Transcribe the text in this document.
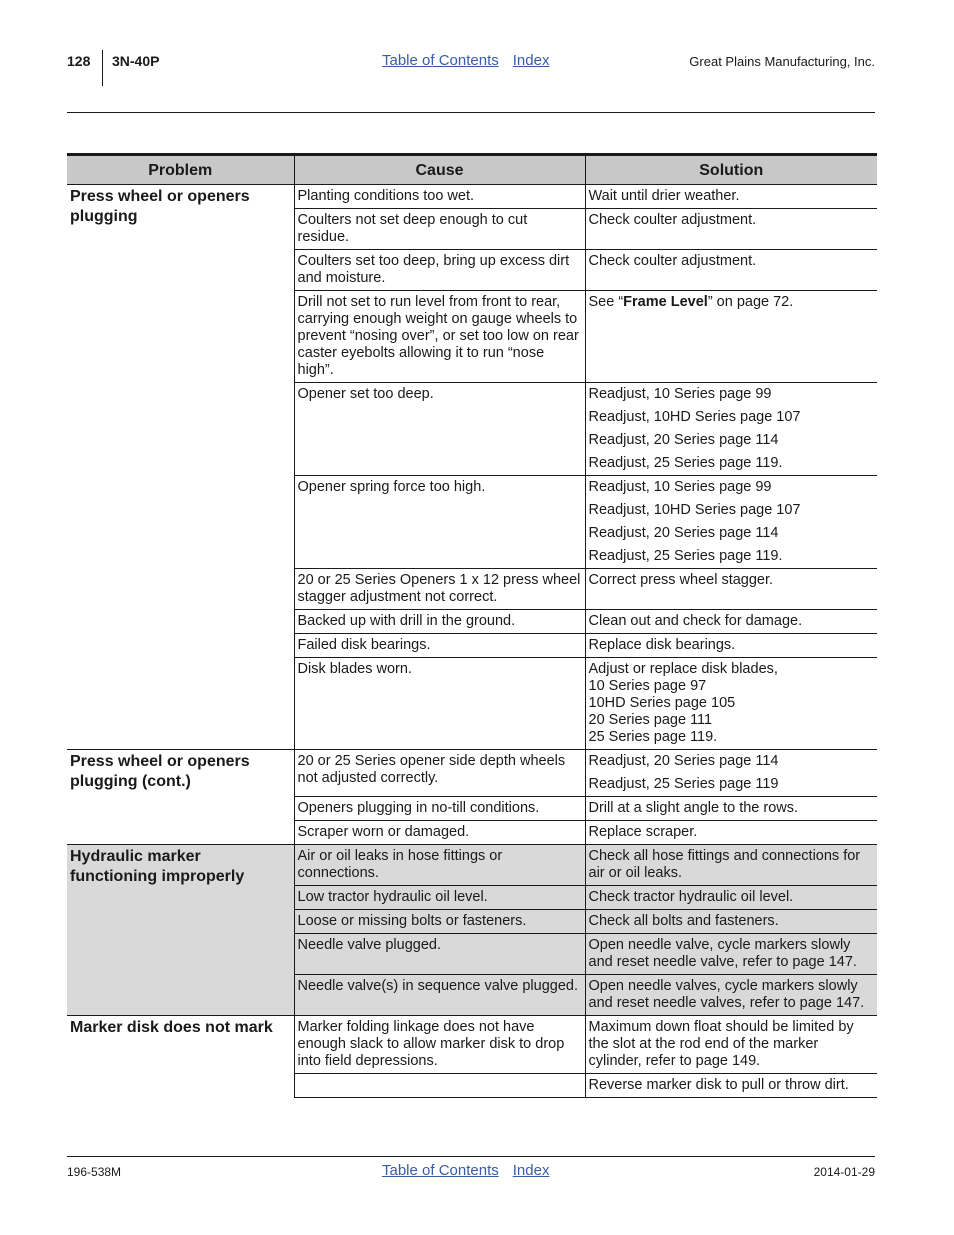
128 3N-40P	Table of Contents Index	Great Plains Manufacturing, Inc.
Problem	Cause	Solution
Press wheel or openers plugging	Planting conditions too wet.	Wait until drier weather.

	Coulters not set deep enough to cut residue.	Check coulter adjustment.

	Coulters set too deep, bring up excess dirt and moisture.	Check coulter adjustment.

	Drill not set to run level from front to rear, carrying enough weight on gauge wheels to prevent “nosing over”, or set too low on rear caster eyebolts allowing it to run “nose high”.	See “Frame Level” on page 72.
	Opener set too deep.	Readjust, 10 Series page 99
Readjust, 10HD Series page 107
Readjust, 20 Series page 114
Readjust, 25 Series page 119.

	Opener spring force too high.	Readjust, 10 Series page 99
Readjust, 10HD Series page 107
Readjust, 20 Series page 114
Readjust, 25 Series page 119.

	20 or 25 Series Openers 1 x 12 press wheel stagger adjustment not correct.	Correct press wheel stagger.

	Backed up with drill in the ground.	Clean out and check for damage.

	Failed disk bearings.	Replace disk bearings.

	Disk blades worn.	Adjust or replace disk blades,
10 Series page 97
10HD Series page 105
20 Series page 111
25 Series page 119.

Press wheel or openers plugging (cont.)	20 or 25 Series opener side depth wheels not adjusted correctly.	Readjust, 20 Series page 114
Readjust, 25 Series page 119

	Openers plugging in no-till conditions.	Drill at a slight angle to the rows.

	Scraper worn or damaged.	Replace scraper.

Hydraulic marker functioning improperly	Air or oil leaks in hose fittings or connections.	Check all hose fittings and connections for air or oil leaks.

	Low tractor hydraulic oil level.	Check tractor hydraulic oil level.

	Loose or missing bolts or fasteners.	Check all bolts and fasteners.

	Needle valve plugged.	Open needle valve, cycle markers slowly and reset needle valve, refer to page 147.

	Needle valve(s) in sequence valve plugged.	Open needle valves, cycle markers slowly and reset needle valves, refer to page 147.

Marker disk does not mark	Marker folding linkage does not have enough slack to allow marker disk to drop into field depressions.	Maximum down float should be limited by the slot at the rod end of the marker cylinder, refer to page 149.

		Reverse marker disk to pull or throw dirt.
196-538M	Table of Contents Index	2014-01-29
